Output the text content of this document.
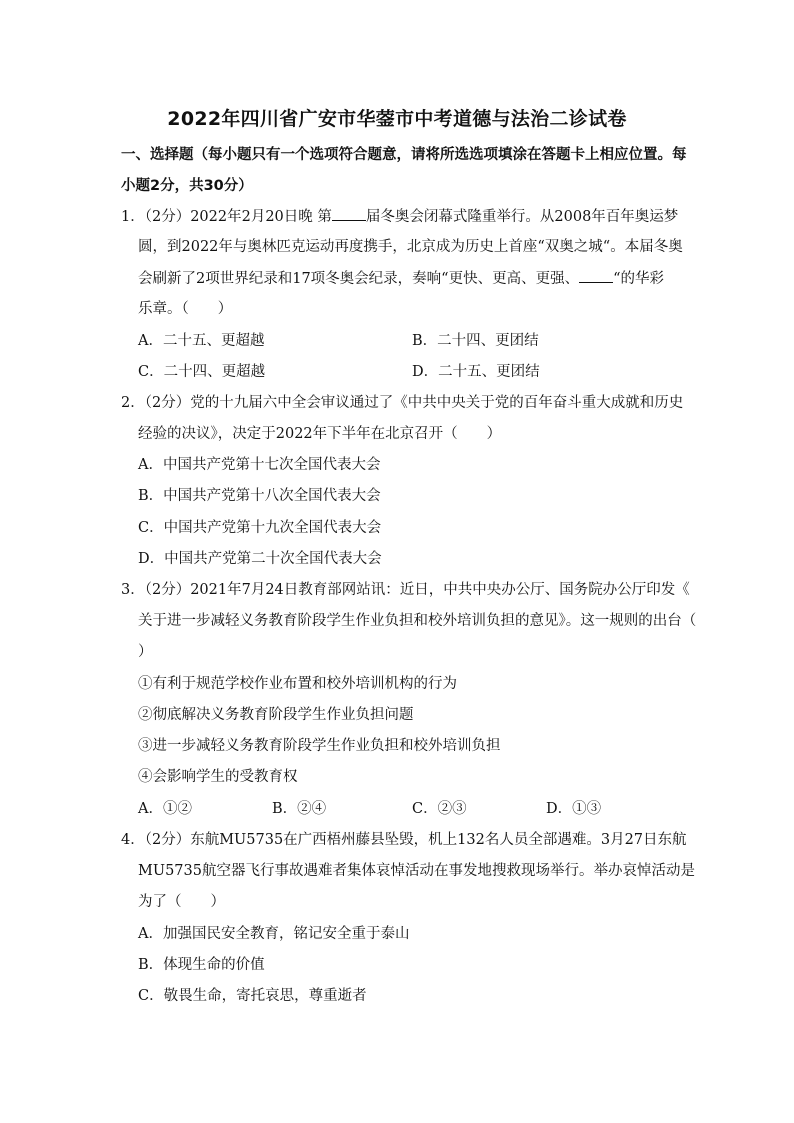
2022年四川省广安市华蓥市中考道德与法治二诊试卷
一、选择题（每小题只有一个选项符合题意，请将所选选项填涂在答题卡上相应位置。每
小题2分，共30分）
1．（2分）2022年2月20日晚 第 届冬奥会闭幕式隆重举行。从2008年百年奥运梦
圆，到2022年与奥林匹克运动再度携手，北京成为历史上首座“双奥之城“。本届冬奥
会刷新了2项世界纪录和17项冬奥会纪录，奏响“更快、更高、更强、 “的华彩
乐章。（　　）
A．二十五、更超越	B．二十四、更团结
C．二十四、更超越	D．二十五、更团结
2．（2分）党的十九届六中全会审议通过了《中共中央关于党的百年奋斗重大成就和历史
经验的决议》，决定于2022年下半年在北京召开（　　）
A．中国共产党第十七次全国代表大会
B．中国共产党第十八次全国代表大会
C．中国共产党第十九次全国代表大会
D．中国共产党第二十次全国代表大会
3．（2分）2021年7月24日教育部网站讯：近日，中共中央办公厅、国务院办公厅印发《
关于进一步减轻义务教育阶段学生作业负担和校外培训负担的意见》。这一规则的出台（
）
①有利于规范学校作业布置和校外培训机构的行为
②彻底解决义务教育阶段学生作业负担问题
③进一步减轻义务教育阶段学生作业负担和校外培训负担
④会影响学生的受教育权
A．①②	B．②④	C．②③	D．①③
4．（2分）东航MU5735在广西梧州藤县坠毁，机上132名人员全部遇难。3月27日东航
MU5735航空器飞行事故遇难者集体哀悼活动在事发地搜救现场举行。举办哀悼活动是
为了（　　）
A．加强国民安全教育，铭记安全重于泰山
B．体现生命的价值
C．敬畏生命，寄托哀思，尊重逝者
